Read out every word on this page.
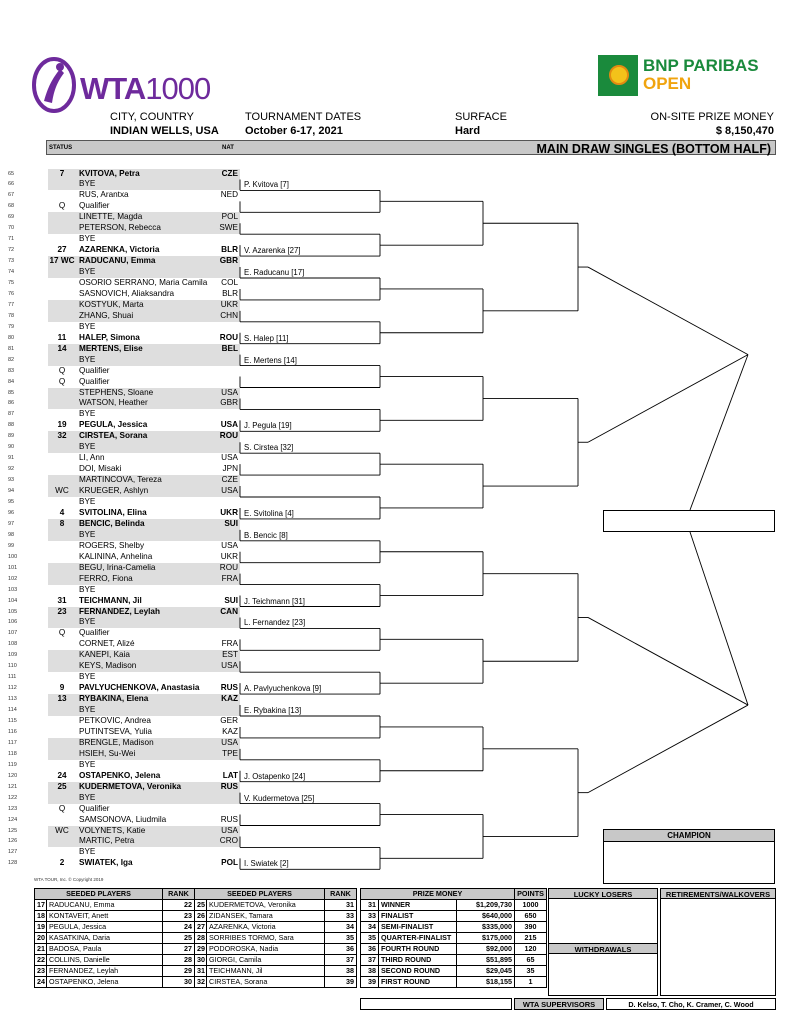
WTA1000
BNP PARIBAS
OPEN
CITY, COUNTRY
INDIAN WELLS, USA
TOURNAMENT DATES
October 6-17, 2021
SURFACE
Hard
ON-SITE PRIZE MONEY
$ 8,150,470
STATUS	NAT	MAIN DRAW SINGLES (BOTTOM HALF)
65	7	KVITOVA, Petra	CZE
66	BYE
67	RUS, Arantxa	NED
68	Q	Qualifier
69	LINETTE, Magda	POL
70	PETERSON, Rebecca	SWE
71	BYE
72	27	AZARENKA, Victoria	BLR
73	17 WC RADUCANU, Emma	GBR
74	BYE
75	OSORIO SERRANO, Maria Camila COL
76	SASNOVICH, Aliaksandra	BLR
77	KOSTYUK, Marta	UKR
78	ZHANG, Shuai	CHN
79	BYE
80	11	HALEP, Simona	ROU
81	14	MERTENS, Elise	BEL
82	BYE
83	Q	Qualifier
84	Q	Qualifier
85	STEPHENS, Sloane	USA
86	WATSON, Heather	GBR
87	BYE
88	19	PEGULA, Jessica	USA
89	32	CIRSTEA, Sorana	ROU
90	BYE
91	LI, Ann	USA
92	DOI, Misaki	JPN
93	MARTINCOVA, Tereza	CZE
94	WC	KRUEGER, Ashlyn	USA
95	BYE
96	4	SVITOLINA, Elina	UKR
97	8	BENCIC, Belinda	SUI
98	BYE
99	ROGERS, Shelby	USA
100	KALININA, Anhelina	UKR
101	BEGU, Irina-Camelia	ROU
102	FERRO, Fiona	FRA
103	BYE
104	31	TEICHMANN, Jil	SUI
105	23	FERNANDEZ, Leylah	CAN
106	BYE
107	Q	Qualifier
108	CORNET, Alizé	FRA
109	KANEPI, Kaia	EST
110	KEYS, Madison	USA
111	BYE
112	9	PAVLYUCHENKOVA, Anastasia	RUS
113	13	RYBAKINA, Elena	KAZ
114	BYE
115	PETKOVIC, Andrea	GER
116	PUTINTSEVA, Yulia	KAZ
117	BRENGLE, Madison	USA
118	HSIEH, Su-Wei	TPE
119	BYE
120	24	OSTAPENKO, Jelena	LAT
121	25	KUDERMETOVA, Veronika	RUS
122	BYE
123	Q	Qualifier
124	SAMSONOVA, Liudmila	RUS
125	WC	VOLYNETS, Katie	USA
126	MARTIC, Petra	CRO
127	BYE
128	2	SWIATEK, Iga	POL
P. Kvitova [7]
V. Azarenka [27]
E. Raducanu [17]
S. Halep [11]
E. Mertens [14]
J. Pegula [19]
S. Cirstea [32]
E. Svitolina [4]
B. Bencic [8]
J. Teichmann [31]
L. Fernandez [23]
A. Pavlyuchenkova [9]
E. Rybakina [13]
J. Ostapenko [24]
V. Kudermetova [25]
I. Swiatek [2]
CHAMPION
WTA TOUR, Inc. © Copyright 2019
SEEDED PLAYERS		RANK	SEEDED PLAYERS		RANK
17	RADUCANU, Emma	22	25	KUDERMETOVA, Veronika	31
18	KONTAVEIT, Anett	23	26	ZIDANSEK, Tamara	33
19	PEGULA, Jessica	24	27	AZARENKA, Victoria	34
20	KASATKINA, Daria	25	28	SORRIBES TORMO, Sara	35
21	BADOSA, Paula	27	29	PODOROSKA, Nadia	36
22	COLLINS, Danielle	28	30	GIORGI, Camila	37
23	FERNANDEZ, Leylah	29	31	TEICHMANN, Jil	38
24	OSTAPENKO, Jelena	30	32	CIRSTEA, Sorana	39
PRIZE MONEY			POINTS
31	WINNER	$1,209,730	1000
33	FINALIST	$640,000	650
34	SEMI-FINALIST	$335,000	390
35	QUARTER-FINALIST	$175,000	215
36	FOURTH ROUND	$92,000	120
37	THIRD ROUND	$51,895	65
38	SECOND ROUND	$29,045	35
39	FIRST ROUND	$18,155	1
LUCKY LOSERS
WITHDRAWALS
RETIREMENTS/WALKOVERS
WTA SUPERVISORS	D. Kelso, T. Cho, K. Cramer, C. Wood
